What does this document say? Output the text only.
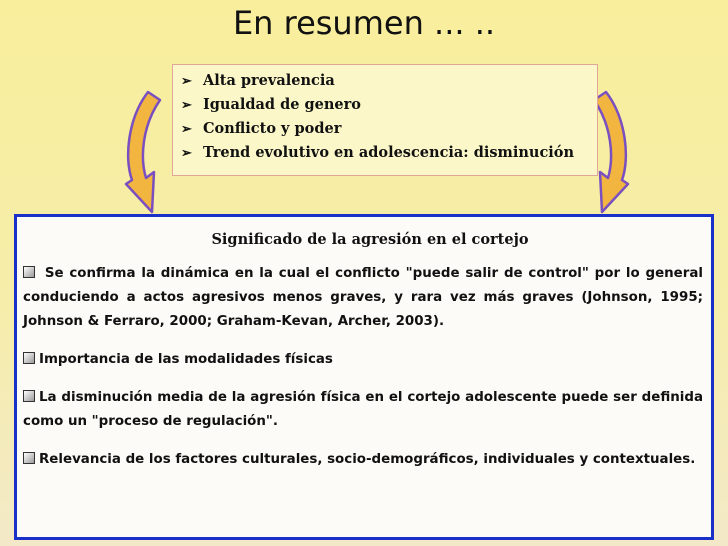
En resumen ... ..
➢ Alta prevalencia
➢ Igualdad de genero
➢ Conflicto y poder
➢ Trend evolutivo en adolescencia: disminución
Significado de la agresión en el cortejo

Se confirma la dinámica en la cual el conflicto "puede salir de control" por lo general conduciendo a actos agresivos menos graves, y rara vez más graves (Johnson, 1995; Johnson & Ferraro, 2000; Graham-Kevan, Archer, 2003).

Importancia de las modalidades físicas

La disminución media de la agresión física en el cortejo adolescente puede ser definida como un "proceso de regulación".

Relevancia de los factores culturales, socio-demográficos, individuales y contextuales.
